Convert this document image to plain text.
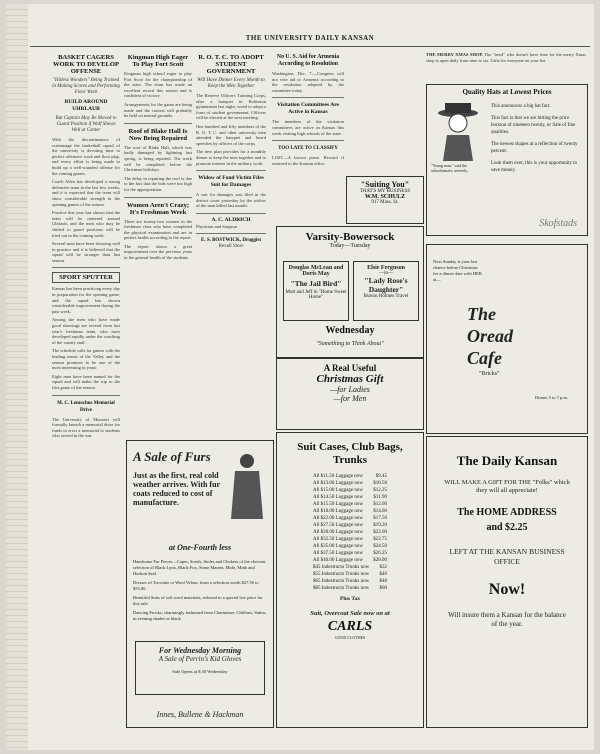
THE UNIVERSITY DAILY KANSAN
BASKET CAGERS WORK TO DEVELOP OFFENSE
"Hitless Wonders" Being Trained in Making Scores and Performing Floor Work
BUILD AROUND UHRLAUB
But Captain May Be Moved to Guard Position if Wolf Shows Well at Center

With the discontinuance of scrimmage the basketball squad of the university is devoting time to perfect offensive work and floor play, and every effort is being made to build up a well-rounded offense for the coming games.

Coach Allen has developed a strong defensive team in the last few weeks, and it is expected that the team will show considerable strength in the opening games of the season.

Practice this year has shown that the team will be centered around Uhrlaub, and the men who may be shifted to guard positions will be tried out in the coming week.

Several men have been showing well in practice and it is believed that the squad will be stronger than last season.

SPORT SPUTTER

Kansas has been practicing every day in preparation for the opening game, and the squad has shown considerable improvement during the past week.

Among the men who have made good showings are several from last year's freshman team, who have developed rapidly under the coaching of the varsity staff.

The schedule calls for games with the leading teams of the Valley and the season promises to be one of the most interesting in years.

Eight men have been named for the squad and will make the trip to the first game of the season.

M. C. Lemochus Memorial Drive

The University of Missouri will formally launch a memorial drive for funds to erect a memorial to students who served in the war.

Kingman High Eager To Play Fort Scott

Kingman high school eager to play Fort Scott for the championship of the state. The team has made an excellent record this season and is confident of victory.

Arrangements for the game are being made and the contest will probably be held on neutral grounds.

Roof of Blake Hall Is Now Being Repaired

The roof of Blake Hall, which was badly damaged by lightning last spring, is being repaired. The work will be completed before the Christmas holidays.

The delay in repairing the roof is due to the fact that the bids were too high for the appropriation.

Women Aren't Crazy; It's Freshman Week

There are twenty-two women in the freshman class who have completed the physical examination and are in perfect health according to the report.

The report shows a great improvement over the previous years in the general health of the students.

R. O. T. C. TO ADOPT STUDENT GOVERNMENT
Will Have Dinner Every Month to Keep the Men Together

The Reserve Officers Training Corps, after a banquet in Robinson gymnasium last night, voted to adopt a form of student government. Officers will be elected at the next meeting.

One hundred and fifty members of the R. O. T. C. and other university men attended the banquet and heard speeches by officers of the corps.

The new plan provides for a monthly dinner to keep the men together and to promote interest in the military work.

Widow of Fond Victim Files Suit for Damages

A suit for damages was filed in the district court yesterday by the widow of the man killed last month.

A. C. ALDRICH

Physician and Surgeon

E. S. BOSTWICK, Druggist
Rexall Store
No U. S. Aid for Armenia According to Resolution

Washington, Dec. 7.—Congress will not vote aid to Armenia according to the resolution adopted by the committee today.

Visitation Committees Are Active in Kansas

The members of the visitation committees are active in Kansas this week visiting high schools of the state.

TOO LATE TO CLASSIFY

LOST—A brown purse. Reward if returned to the Kansan office.

"Suiting You"
THAT'S MY BUSINESS
W.M. SCHULZ
917 Mass. St.

THE MERRY XMAS SHOP. The "need" who doesn't have time for the merry Xmas shop is open daily from nine to six. Gifts for everyone on your list.

Quality Hats at Lowest Prices
"Young man," said the schoolmaster, severely.

This announces a big hat fact.

This fact is that we are hitting the price horizon of nineteen twenty, or Sale of fine qualities.

The newest shapes at a reflection of twenty percent.

Look them over, this is your opportunity to save money.

Skofstads
Varsity-Bowersock
Today—Tuesday
Douglas McLean and Doris May
"The Jail Bird"
Mutt and Jeff in "Home Sweet Home"
Elsie Ferguson
—in—
"Lady Rose's Daughter"
Burton Holmes Travel
Wednesday
"Something to Think About"
Next Sunday is your last chance before Christmas for a dinner date with HER at—
The
Oread
Cafe
"Bricks"
Dinner 5 to 7 p.m.
A Real Useful
Christmas Gift
—for Ladies
—for Men
Suit Cases, Club Bags, Trunks
All $11.50 Luggage now	$9.45
All $13.00 Luggage now	$10.50
All $15.00 Luggage now	$12.25
All $14.50 Luggage now	$11.90
All $15.50 Luggage now	$12.60
All $18.00 Luggage now	$14.60
All $22.00 Luggage now	$17.50
All $27.50 Luggage now	$19.20
All $28.00 Luggage now	$22.00
All $32.50 Luggage now	$22.75
All $35.00 Luggage now	$24.50
All $37.50 Luggage now	$26.25
All $40.00 Luggage now	$28.00
$45 Indestructo Trunks now	$32
$55 Indestructo Trunks now	$40
$65 Indestructo Trunks now	$48
$85 Indestructo Trunks now	$60
Plus Tax
Suit, Overcoat Sale now on at
CARLS
GOOD CLOTHES
A Sale of Furs
Just as the first, real cold weather arrives. With fur coats reduced to cost of manufacture.
at One-Fourth less

Handsome Fur Pieces—Capes, Scarfs, Stoles and Chokers of the choicest selection of Black Lynx, Black Fox, Stone Marten, Mole, Mink and Hudson Seal.

Dresses of Tricotine or Wool Velour, from a selection worth $27.50 to $55.00.

Beautiful Suits of soft wool materials, reduced to a special low price for this sale.

Dancing Frocks, charmingly fashioned from Charmeuse, Chiffons, Satins, in evening shades or black.

For Wednesday Morning
A Sale of Perrin's Kid Gloves
Sale Opens at 8:30 Wednesday
Innes, Bullene & Hackman
The Daily Kansan
WILL MAKE A GIFT FOR THE "Folks" which they will all appreciate!
The HOME ADDRESS
and $2.25
LEFT AT THE KANSAN BUSINESS OFFICE
Now!
Will insure them a Kansan for the balance of the year.
